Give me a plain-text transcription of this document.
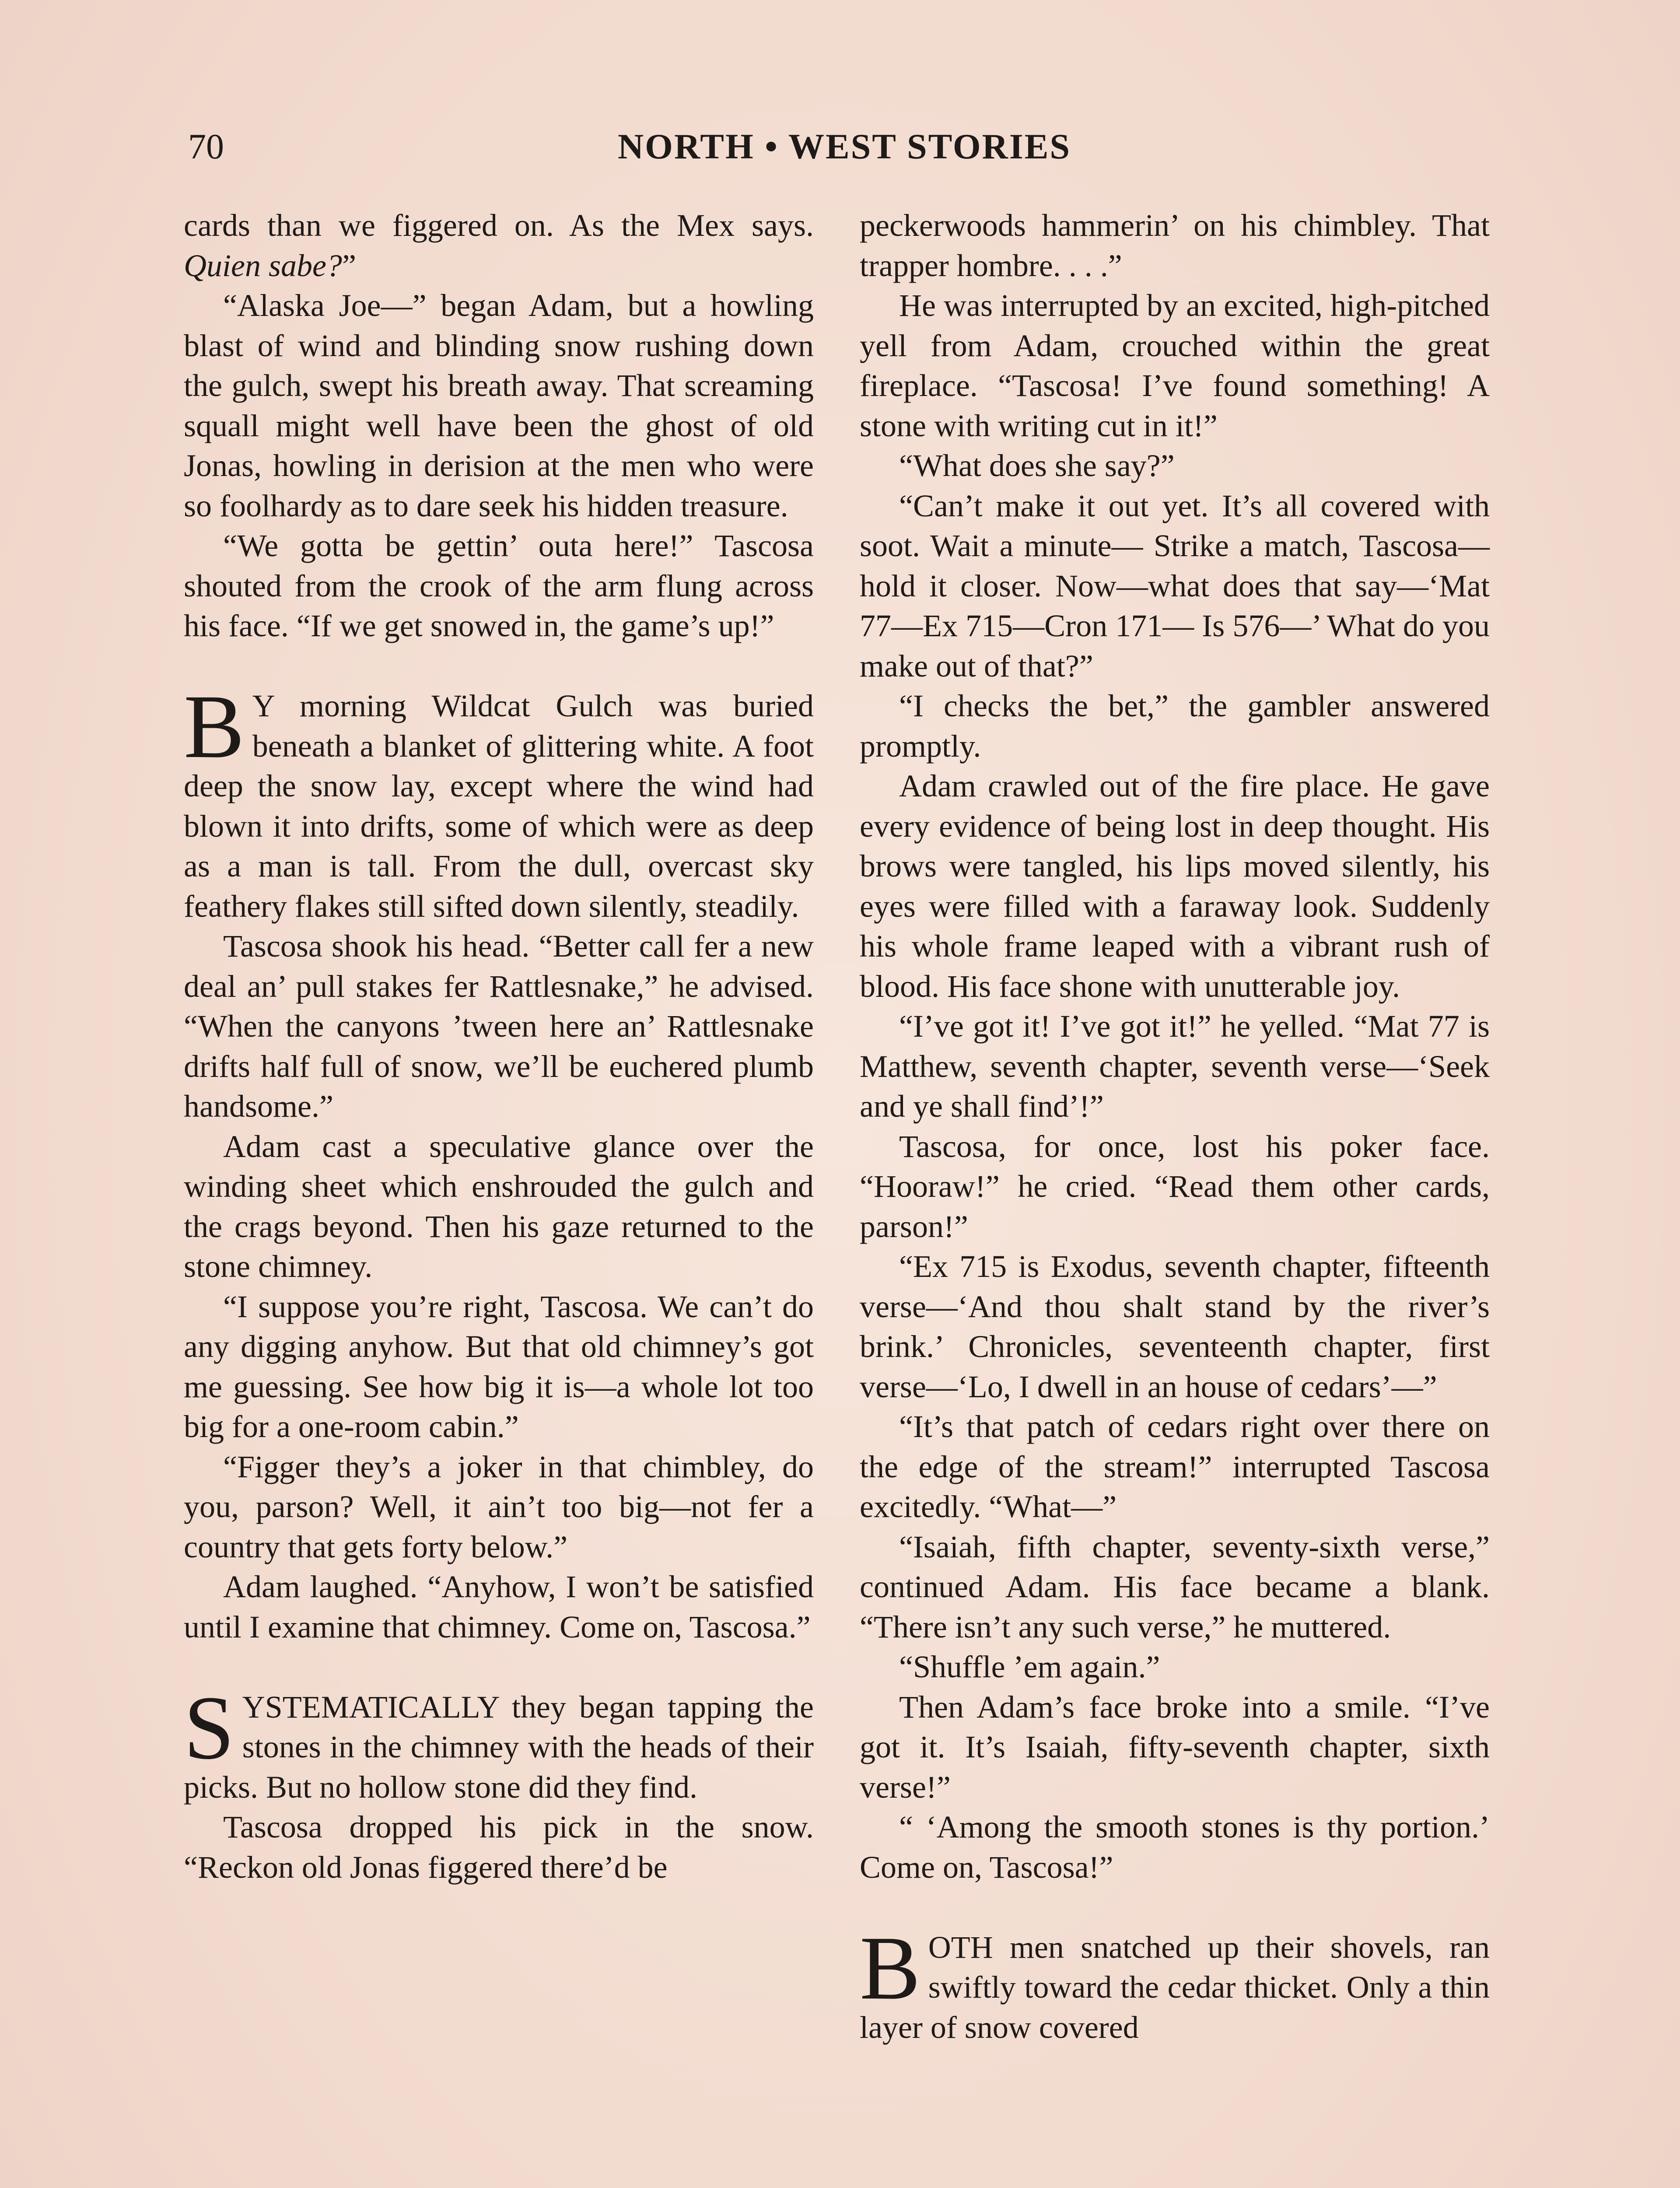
70	NORTH • WEST STORIES

cards than we figgered on. As the Mex says. Quien sabe?”

“Alaska Joe—” began Adam, but a howling blast of wind and blinding snow rushing down the gulch, swept his breath away. That screaming squall might well have been the ghost of old Jonas, howling in derision at the men who were so foolhardy as to dare seek his hidden treasure.

“We gotta be gettin’ outa here!” Tascosa shouted from the crook of the arm flung across his face. “If we get snowed in, the game’s up!”

B Y morning Wildcat Gulch was buried beneath a blanket of glittering white. A foot deep the snow lay, except where the wind had blown it into drifts, some of which were as deep as a man is tall. From the dull, overcast sky feathery flakes still sifted down silently, steadily.

Tascosa shook his head. “Better call fer a new deal an’ pull stakes fer Rattlesnake,” he advised. “When the canyons ’tween here an’ Rattlesnake drifts half full of snow, we’ll be euchered plumb handsome.”

Adam cast a speculative glance over the winding sheet which enshrouded the gulch and the crags beyond. Then his gaze returned to the stone chimney.

“I suppose you’re right, Tascosa. We can’t do any digging anyhow. But that old chimney’s got me guessing. See how big it is—a whole lot too big for a one-room cabin.”

“Figger they’s a joker in that chimbley, do you, parson? Well, it ain’t too big—not fer a country that gets forty below.”

Adam laughed. “Anyhow, I won’t be satisfied until I examine that chimney. Come on, Tascosa.”

SYSTEMATICALLY they began tapping the stones in the chimney with the heads of their picks. But no hollow stone did they find.

Tascosa dropped his pick in the snow. “Reckon old Jonas figgered there’d be

peckerwoods hammerin’ on his chimbley. That trapper hombre. . . .”

He was interrupted by an excited, high-pitched yell from Adam, crouched within the great fireplace. “Tascosa! I’ve found something! A stone with writing cut in it!”

“What does she say?”

“Can’t make it out yet. It’s all covered with soot. Wait a minute— Strike a match, Tascosa—hold it closer. Now—what does that say—‘Mat 77—Ex 715—Cron 171— Is 576—’ What do you make out of that?”

“I checks the bet,” the gambler answered promptly.

Adam crawled out of the fire place. He gave every evidence of being lost in deep thought. His brows were tangled, his lips moved silently, his eyes were filled with a faraway look. Suddenly his whole frame leaped with a vibrant rush of blood. His face shone with unutterable joy.

“I’ve got it! I’ve got it!” he yelled. “Mat 77 is Matthew, seventh chapter, seventh verse—‘Seek and ye shall find’!”

Tascosa, for once, lost his poker face. “Hooraw!” he cried. “Read them other cards, parson!”

“Ex 715 is Exodus, seventh chapter, fifteenth verse—‘And thou shalt stand by the river’s brink.’ Chronicles, seventeenth chapter, first verse—‘Lo, I dwell in an house of cedars’—”

“It’s that patch of cedars right over there on the edge of the stream!” interrupted Tascosa excitedly. “What—”

“Isaiah, fifth chapter, seventy-sixth verse,” continued Adam. His face became a blank. “There isn’t any such verse,” he muttered.

“Shuffle ’em again.”

Then Adam’s face broke into a smile. “I’ve got it. It’s Isaiah, fifty-seventh chapter, sixth verse!”

“ ‘Among the smooth stones is thy portion.’ Come on, Tascosa!”

BOTH men snatched up their shovels, ran swiftly toward the cedar thicket. Only a thin layer of snow covered
